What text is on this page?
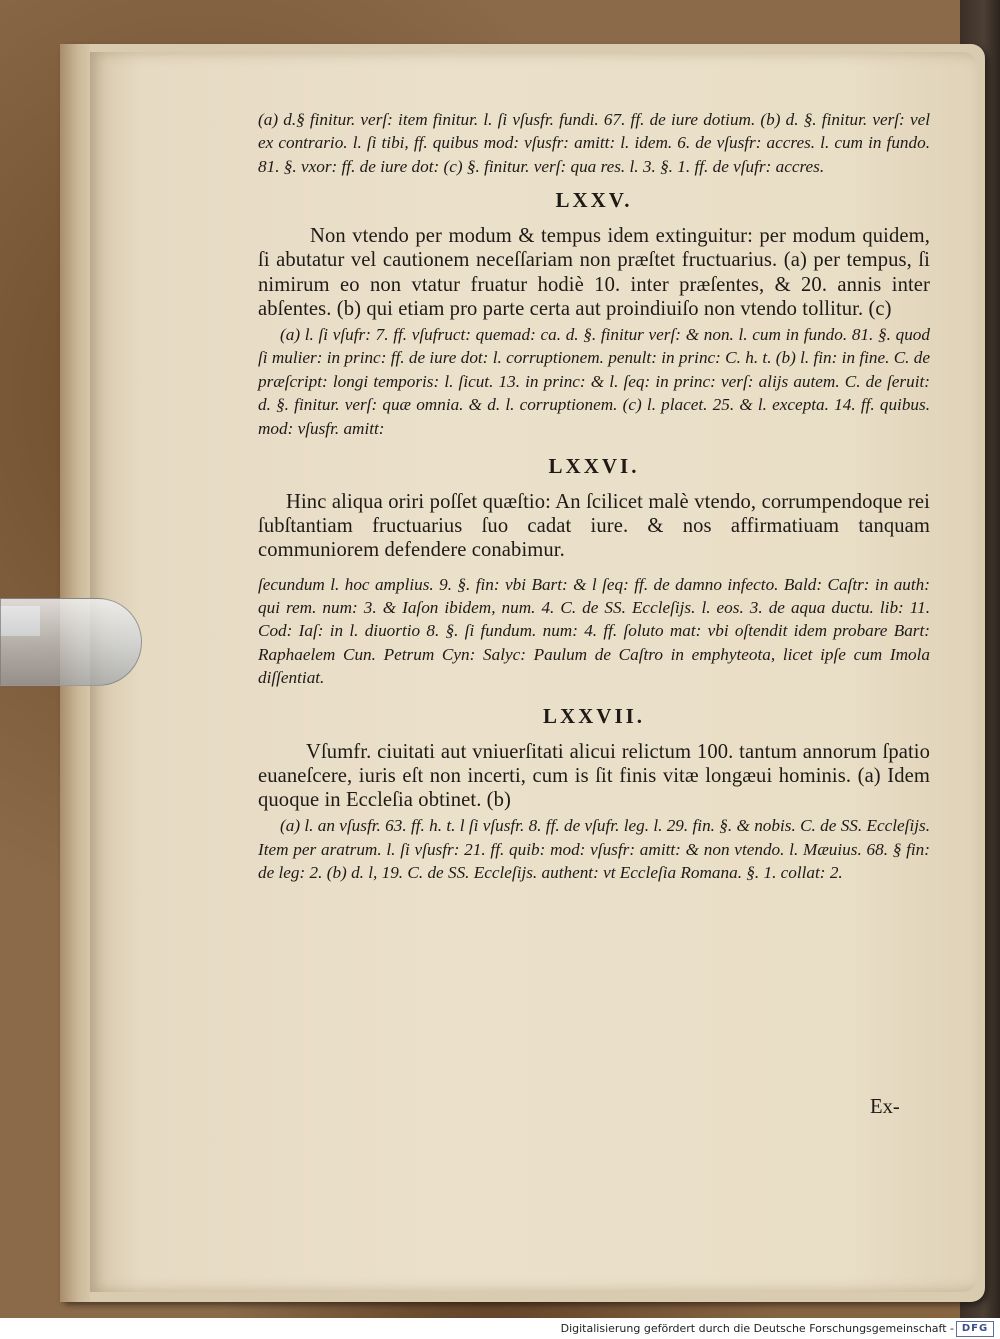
(a) d.§ finitur. verſ: item finitur. l. ſi vſusfr. fundi. 67. ff. de iure dotium. (b) d. §. finitur. verſ: vel ex contrario. l. ſi tibi, ff. quibus mod: vſusfr: amitt: l. idem. 6. de vſusfr: accres. l. cum in fundo. 81. §. vxor: ff. de iure dot: (c) §. finitur. verſ: qua res. l. 3. §. 1. ff. de vſufr: accres.

LXXV.

Non vtendo per modum & tempus idem extinguitur: per modum quidem, ſi abutatur vel cautionem neceſſariam non præſtet fructuarius. (a) per tempus, ſi nimirum eo non vtatur fruatur hodiè 10. inter præſentes, & 20. annis inter abſentes. (b) qui etiam pro parte certa aut proindiuiſo non vtendo tollitur. (c)

(a) l. ſi vſufr: 7. ff. vſufruct: quemad: ca. d. §. finitur verſ: & non. l. cum in fundo. 81. §. quod ſi mulier: in princ: ff. de iure dot: l. corruptionem. penult: in princ: C. h. t. (b) l. fin: in fine. C. de præſcript: longi temporis: l. ſicut. 13. in princ: & l. ſeq: in princ: verſ: alijs autem. C. de ſeruit: d. §. finitur. verſ: quæ omnia. & d. l. corruptionem. (c) l. placet. 25. & l. excepta. 14. ff. quibus. mod: vſusfr. amitt:

LXXVI.

Hinc aliqua oriri poſſet quæſtio: An ſcilicet malè vtendo, corrumpendoque rei ſubſtantiam fructuarius ſuo cadat iure. & nos affirmatiuam tanquam communiorem defendere conabimur.

ſecundum l. hoc amplius. 9. §. fin: vbi Bart: & l ſeq: ff. de damno infecto. Bald: Caſtr: in auth: qui rem. num: 3. & Iaſon ibidem, num. 4. C. de SS. Eccleſijs. l. eos. 3. de aqua ductu. lib: 11. Cod: Iaſ: in l. diuortio 8. §. ſi fundum. num: 4. ff. ſoluto mat: vbi oſtendit idem probare Bart: Raphaelem Cun. Petrum Cyn: Salyc: Paulum de Caſtro in emphyteota, licet ipſe cum Imola diſſentiat.

LXXVII.

Vſumfr. ciuitati aut vniuerſitati alicui relictum 100. tantum annorum ſpatio euaneſcere, iuris eſt non incerti, cum is ſit finis vitæ longæui hominis. (a) Idem quoque in Eccleſia obtinet. (b)

(a) l. an vſusfr. 63. ff. h. t. l ſi vſusfr. 8. ff. de vſufr. leg. l. 29. fin. §. & nobis. C. de SS. Eccleſijs. Item per aratrum. l. ſi vſusfr: 21. ff. quib: mod: vſusfr: amitt: & non vtendo. l. Mæuius. 68. § fin: de leg: 2. (b) d. l, 19. C. de SS. Eccleſijs. authent: vt Eccleſia Romana. §. 1. collat: 2.

Ex-
Digitalisierung gefördert durch die Deutsche Forschungsgemeinschaft - DFG
